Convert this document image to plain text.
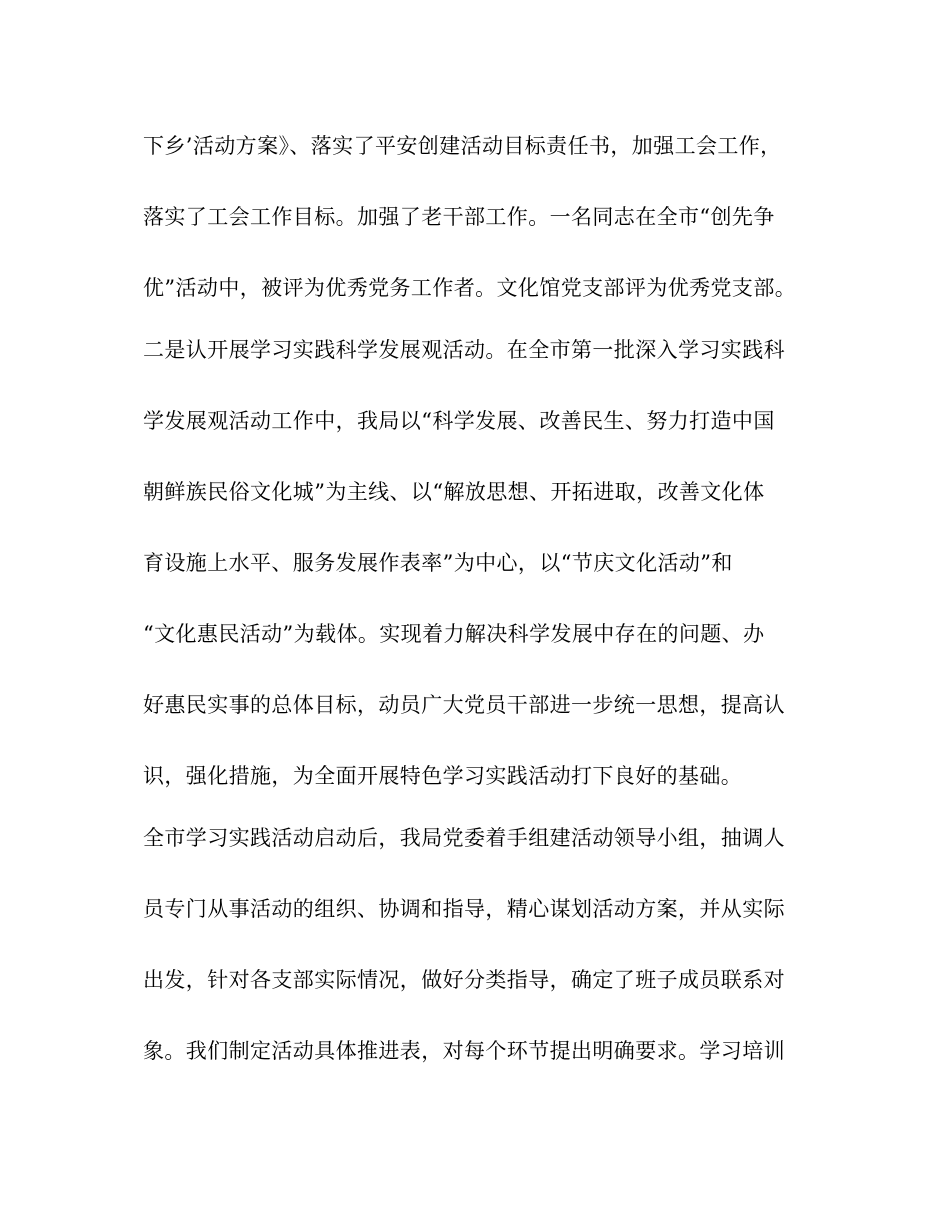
下乡’活动方案》、落实了平安创建活动目标责任书，加强工会工作，
落实了工会工作目标。加强了老干部工作。一名同志在全市“创先争
优”活动中，被评为优秀党务工作者。文化馆党支部评为优秀党支部。
二是认开展学习实践科学发展观活动。在全市第一批深入学习实践科
学发展观活动工作中，我局以“科学发展、改善民生、努力打造中国
朝鲜族民俗文化城”为主线、以“解放思想、开拓进取，改善文化体
育设施上水平、服务发展作表率”为中心，以“节庆文化活动”和
“文化惠民活动”为载体。实现着力解决科学发展中存在的问题、办
好惠民实事的总体目标，动员广大党员干部进一步统一思想，提高认
识，强化措施，为全面开展特色学习实践活动打下良好的基础。
全市学习实践活动启动后，我局党委着手组建活动领导小组，抽调人
员专门从事活动的组织、协调和指导，精心谋划活动方案，并从实际
出发，针对各支部实际情况，做好分类指导，确定了班子成员联系对
象。我们制定活动具体推进表，对每个环节提出明确要求。学习培训
